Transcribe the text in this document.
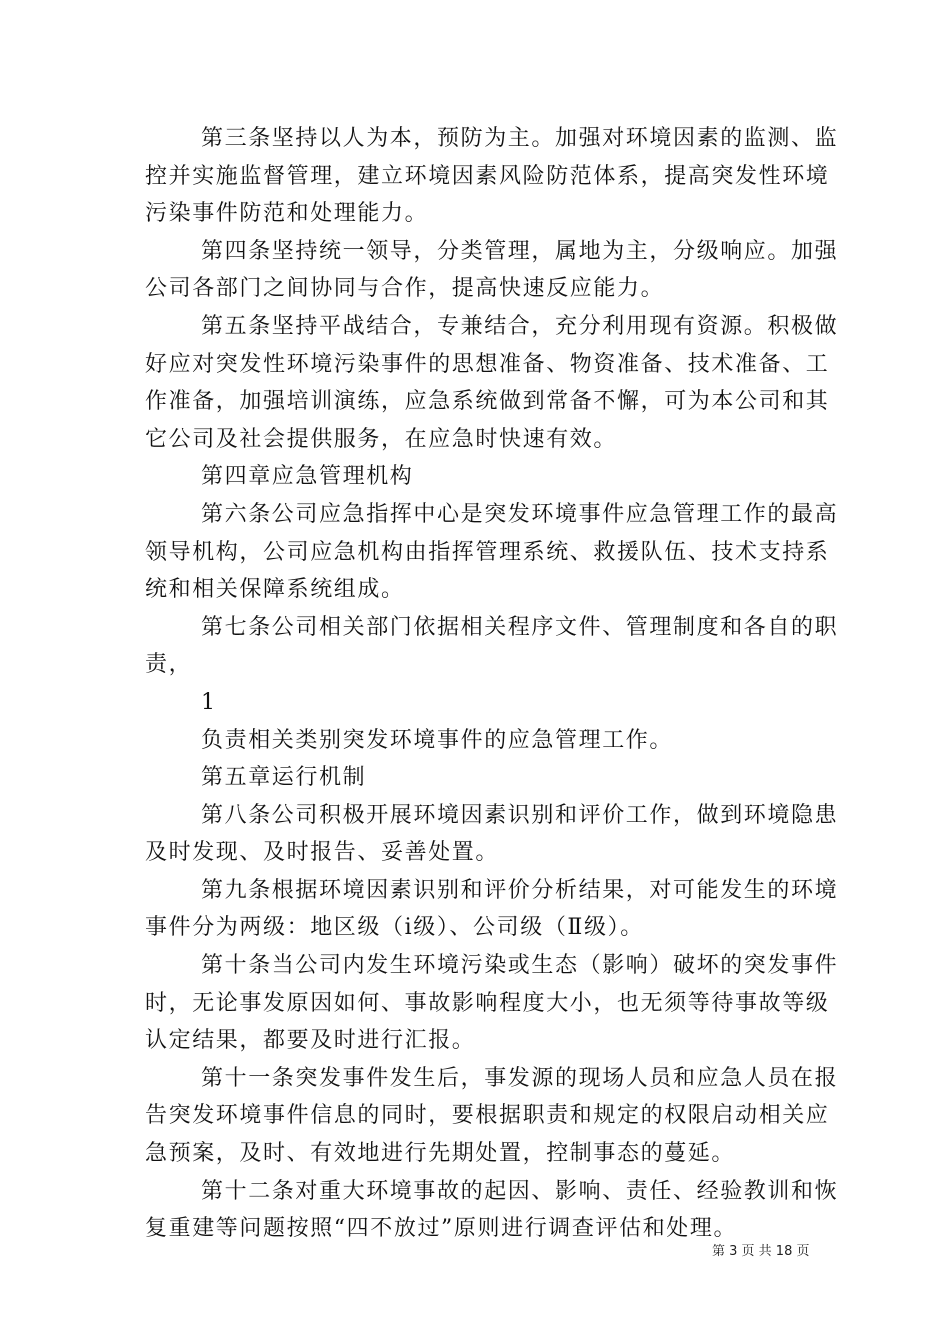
第三条坚持以人为本，预防为主。加强对环境因素的监测、监
控并实施监督管理，建立环境因素风险防范体系，提高突发性环境
污染事件防范和处理能力。
第四条坚持统一领导，分类管理，属地为主，分级响应。加强
公司各部门之间协同与合作，提高快速反应能力。
第五条坚持平战结合，专兼结合，充分利用现有资源。积极做
好应对突发性环境污染事件的思想准备、物资准备、技术准备、工
作准备，加强培训演练，应急系统做到常备不懈，可为本公司和其
它公司及社会提供服务，在应急时快速有效。
第四章应急管理机构
第六条公司应急指挥中心是突发环境事件应急管理工作的最高
领导机构，公司应急机构由指挥管理系统、救援队伍、技术支持系
统和相关保障系统组成。
第七条公司相关部门依据相关程序文件、管理制度和各自的职
责，
1
负责相关类别突发环境事件的应急管理工作。
第五章运行机制
第八条公司积极开展环境因素识别和评价工作，做到环境隐患
及时发现、及时报告、妥善处置。
第九条根据环境因素识别和评价分析结果，对可能发生的环境
事件分为两级：地区级（ⅰ级）、公司级（Ⅱ级）。
第十条当公司内发生环境污染或生态（影响）破坏的突发事件
时，无论事发原因如何、事故影响程度大小，也无须等待事故等级
认定结果，都要及时进行汇报。
第十一条突发事件发生后，事发源的现场人员和应急人员在报
告突发环境事件信息的同时，要根据职责和规定的权限启动相关应
急预案，及时、有效地进行先期处置，控制事态的蔓延。
第十二条对重大环境事故的起因、影响、责任、经验教训和恢
复重建等问题按照“四不放过”原则进行调查评估和处理。
第 3 页 共 18 页
